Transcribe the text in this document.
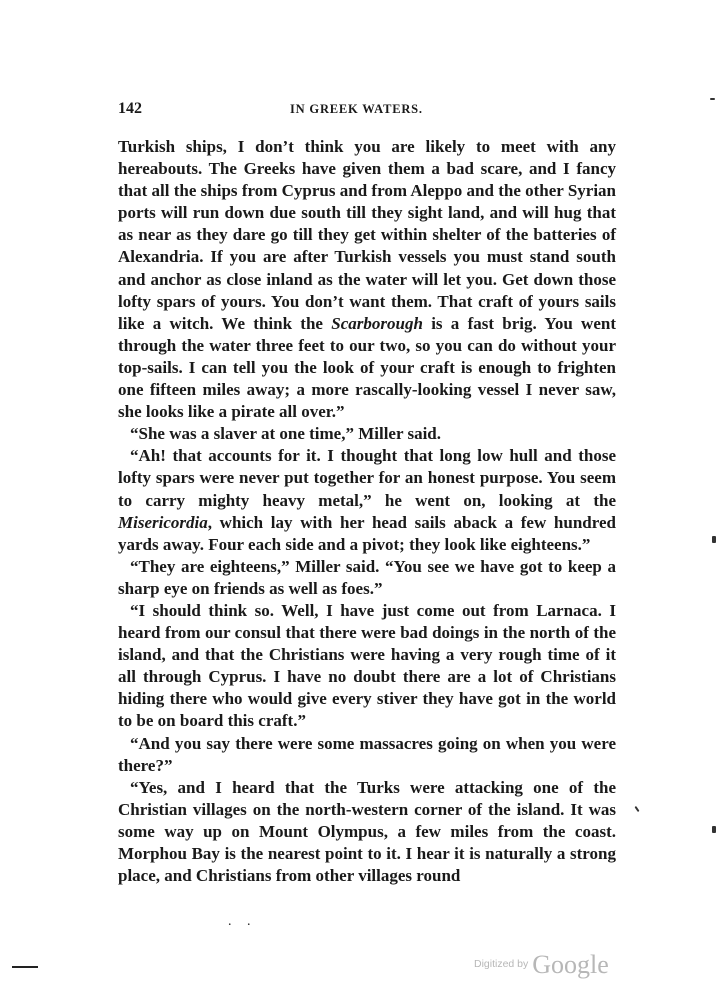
142	IN GREEK WATERS.

Turkish ships, I don’t think you are likely to meet with any hereabouts. The Greeks have given them a bad scare, and I fancy that all the ships from Cyprus and from Aleppo and the other Syrian ports will run down due south till they sight land, and will hug that as near as they dare go till they get within shelter of the batteries of Alexandria. If you are after Turkish vessels you must stand south and anchor as close inland as the water will let you. Get down those lofty spars of yours. You don’t want them. That craft of yours sails like a witch. We think the Scarborough is a fast brig. You went through the water three feet to our two, so you can do without your top-sails. I can tell you the look of your craft is enough to frighten one fifteen miles away; a more rascally-looking vessel I never saw, she looks like a pirate all over.”

“She was a slaver at one time,” Miller said.

“Ah! that accounts for it. I thought that long low hull and those lofty spars were never put together for an honest purpose. You seem to carry mighty heavy metal,” he went on, looking at the Misericordia, which lay with her head sails aback a few hundred yards away. Four each side and a pivot; they look like eighteens.”

“They are eighteens,” Miller said. “You see we have got to keep a sharp eye on friends as well as foes.”

“I should think so. Well, I have just come out from Larnaca. I heard from our consul that there were bad doings in the north of the island, and that the Christians were having a very rough time of it all through Cyprus. I have no doubt there are a lot of Christians hiding there who would give every stiver they have got in the world to be on board this craft.”

“And you say there were some massacres going on when you were there?”

“Yes, and I heard that the Turks were attacking one of the Christian villages on the north-western corner of the island. It was some way up on Mount Olympus, a few miles from the coast. Morphou Bay is the nearest point to it. I hear it is naturally a strong place, and Christians from other villages round

. .
$^{Digitized by}$ Google
